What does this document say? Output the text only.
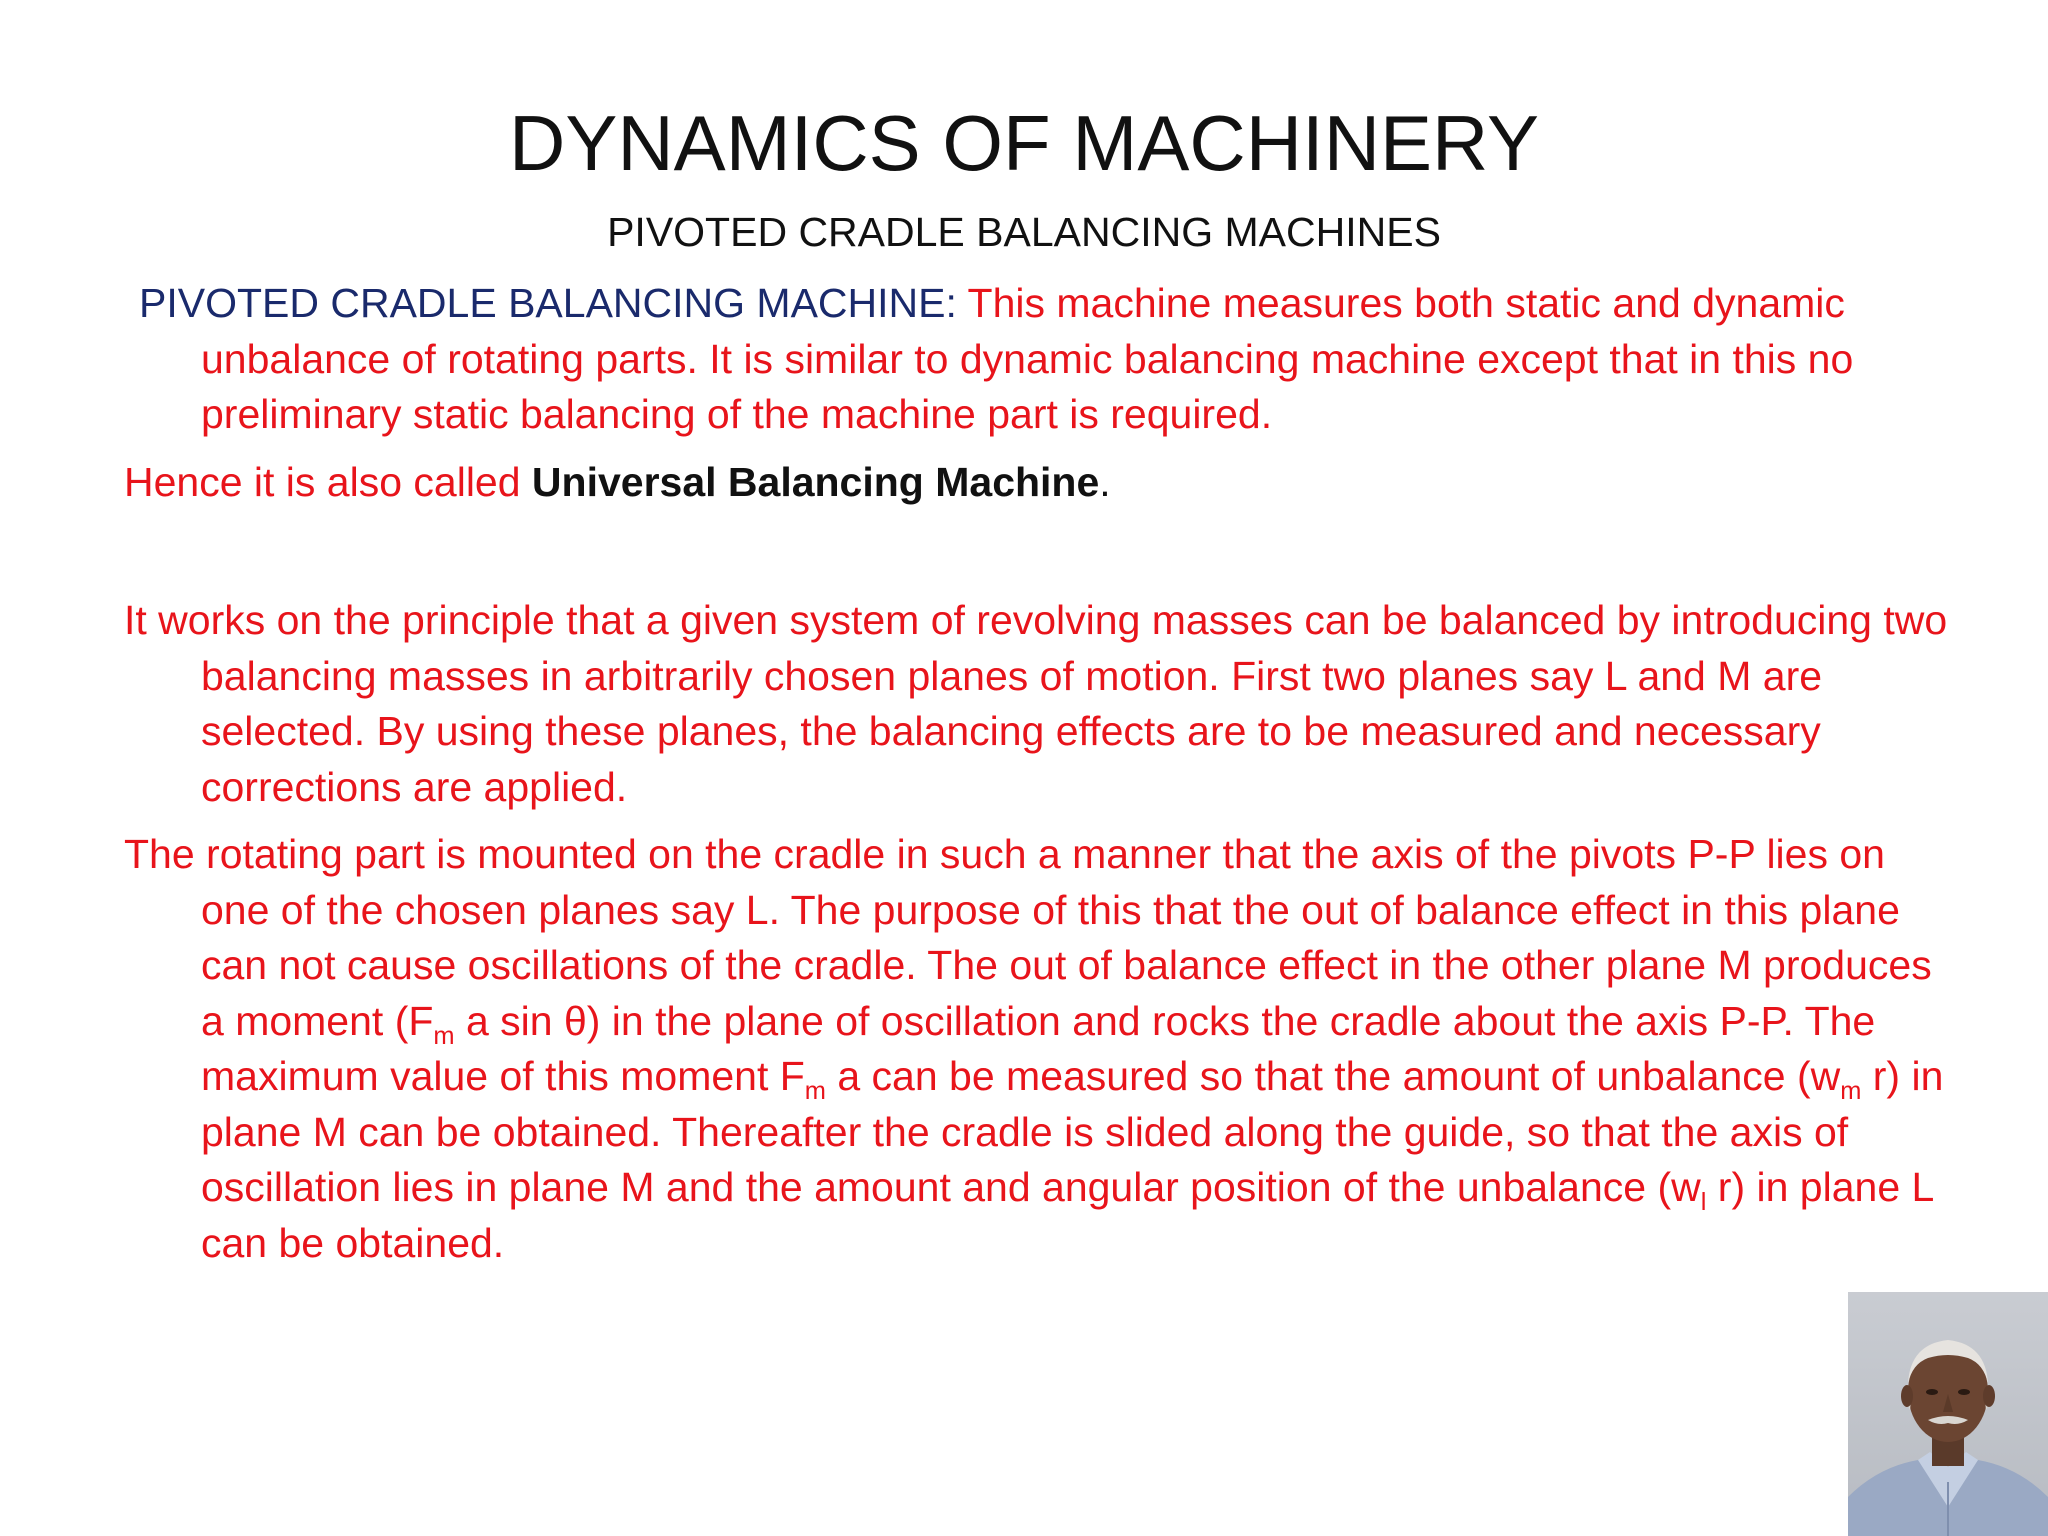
DYNAMICS OF MACHINERY
PIVOTED CRADLE BALANCING MACHINES

PIVOTED CRADLE BALANCING MACHINE: This machine measures both static and dynamic unbalance of rotating parts. It is similar to dynamic balancing machine except that in this no preliminary static balancing of the machine part is required.

Hence it is also called Universal Balancing Machine.

It works on the principle that a given system of revolving masses can be balanced by introducing two balancing masses in arbitrarily chosen planes of motion. First two planes say L and M are selected. By using these planes, the balancing effects are to be measured and necessary corrections are applied.

The rotating part is mounted on the cradle in such a manner that the axis of the pivots P-P lies on one of the chosen planes say L. The purpose of this that the out of balance effect in this plane can not cause oscillations of the cradle. The out of balance effect in the other plane M produces a moment ($F_m$ a sin θ) in the plane of oscillation and rocks the cradle about the axis P-P. The maximum value of this moment $F_m$ a can be measured so that the amount of unbalance ($w_m$ r) in plane M can be obtained. Thereafter the cradle is slided along the guide, so that the axis of oscillation lies in plane M and the amount and angular position of the unbalance ($w_l$ r) in plane L can be obtained.
